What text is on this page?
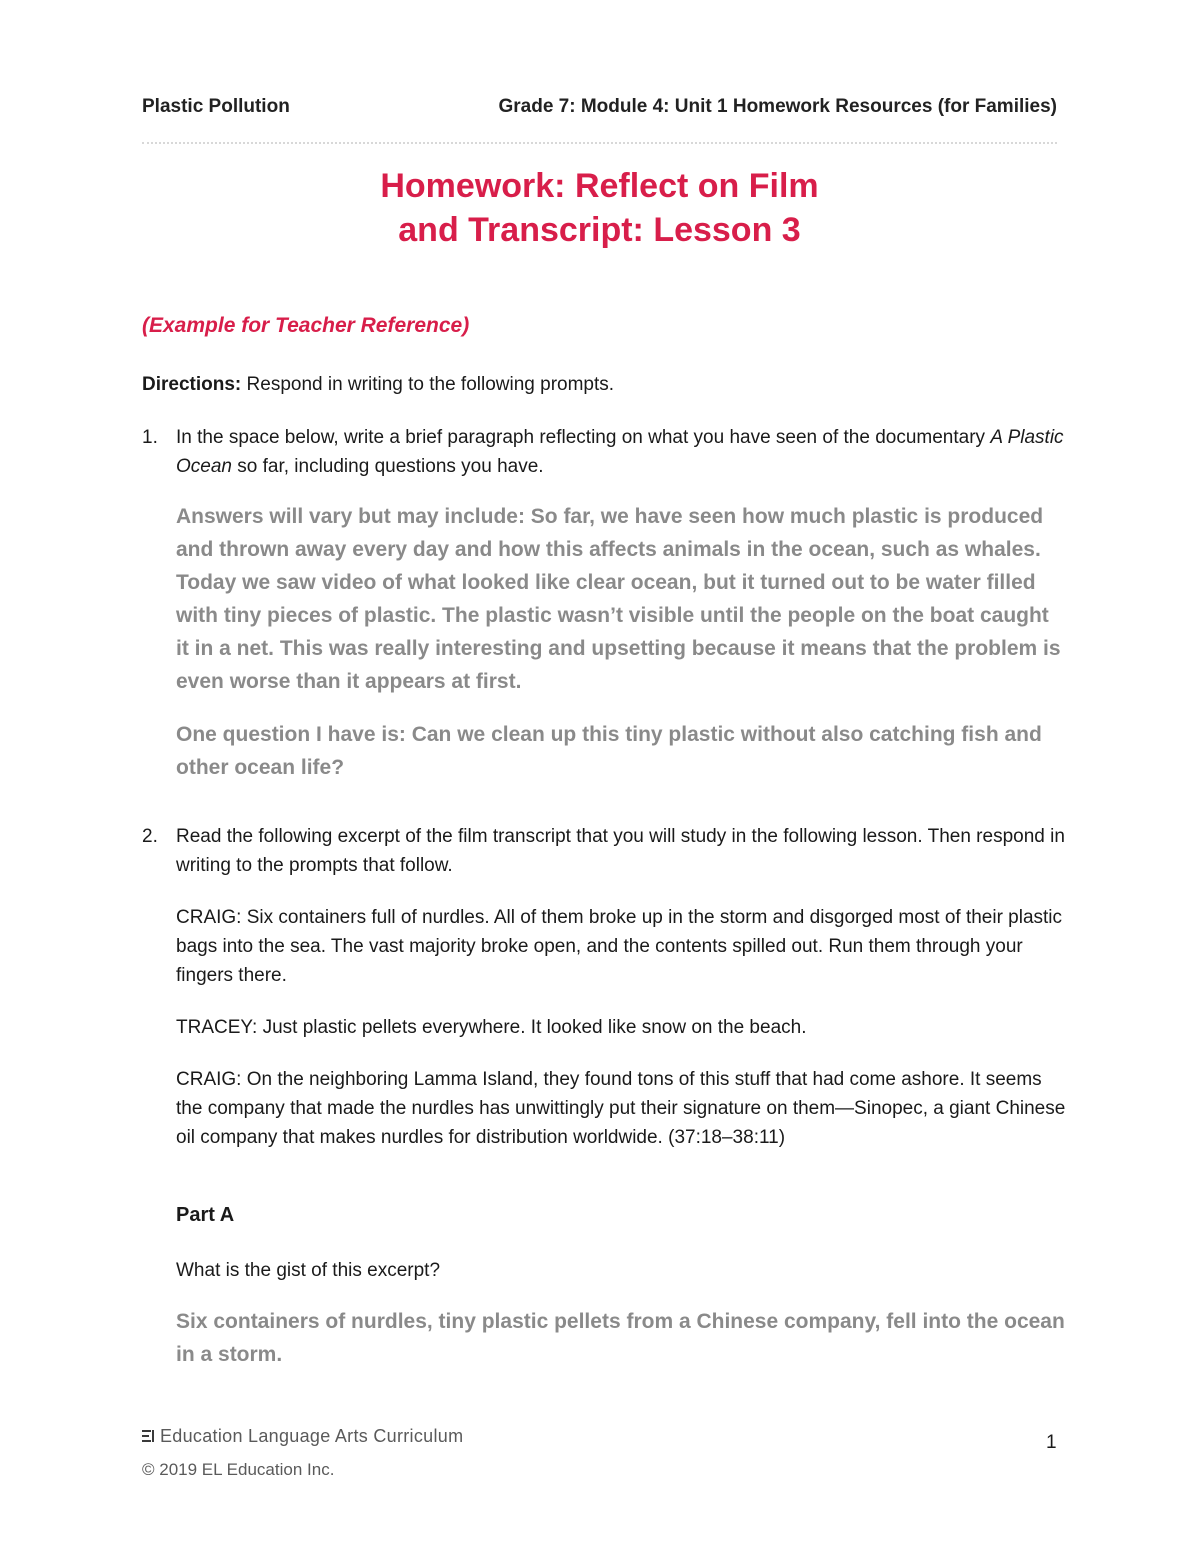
Plastic Pollution	Grade 7: Module 4: Unit 1 Homework Resources (for Families)
Homework: Reflect on Film
and Transcript: Lesson 3
(Example for Teacher Reference)
Directions: Respond in writing to the following prompts.
1. In the space below, write a brief paragraph reflecting on what you have seen of the documentary A Plastic Ocean so far, including questions you have.
Answers will vary but may include: So far, we have seen how much plastic is produced and thrown away every day and how this affects animals in the ocean, such as whales. Today we saw video of what looked like clear ocean, but it turned out to be water filled with tiny pieces of plastic. The plastic wasn’t visible until the people on the boat caught it in a net. This was really interesting and upsetting because it means that the problem is even worse than it appears at first.
One question I have is: Can we clean up this tiny plastic without also catching fish and other ocean life?
2. Read the following excerpt of the film transcript that you will study in the following lesson. Then respond in writing to the prompts that follow.
CRAIG: Six containers full of nurdles. All of them broke up in the storm and disgorged most of their plastic bags into the sea. The vast majority broke open, and the contents spilled out. Run them through your fingers there.
TRACEY: Just plastic pellets everywhere. It looked like snow on the beach.
CRAIG: On the neighboring Lamma Island, they found tons of this stuff that had come ashore. It seems the company that made the nurdles has unwittingly put their signature on them—Sinopec, a giant Chinese oil company that makes nurdles for distribution worldwide. (37:18–38:11)
Part A
What is the gist of this excerpt?
Six containers of nurdles, tiny plastic pellets from a Chinese company, fell into the ocean in a storm.
Education Language Arts Curriculum
© 2019 EL Education Inc.
1
